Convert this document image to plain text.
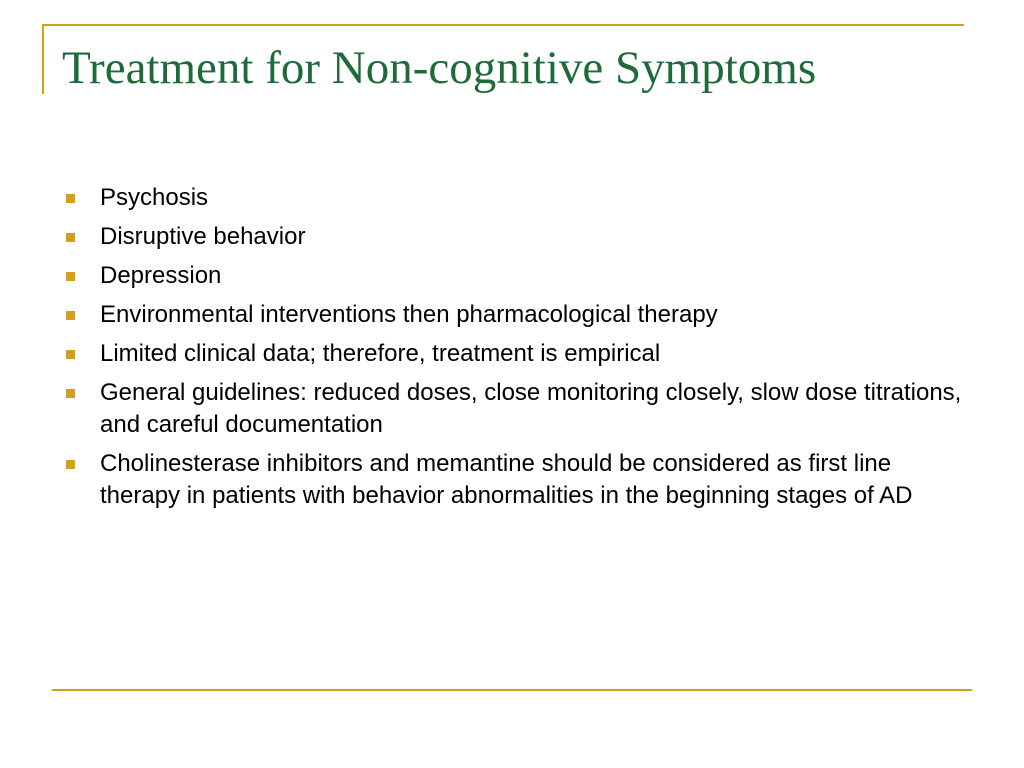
Treatment for Non-cognitive Symptoms
Psychosis
Disruptive behavior
Depression
Environmental interventions then pharmacological therapy
Limited clinical data; therefore, treatment is empirical
General guidelines: reduced doses, close monitoring closely, slow dose titrations, and careful documentation
Cholinesterase inhibitors and memantine should be considered as first line therapy in patients with behavior abnormalities in the beginning stages of AD
